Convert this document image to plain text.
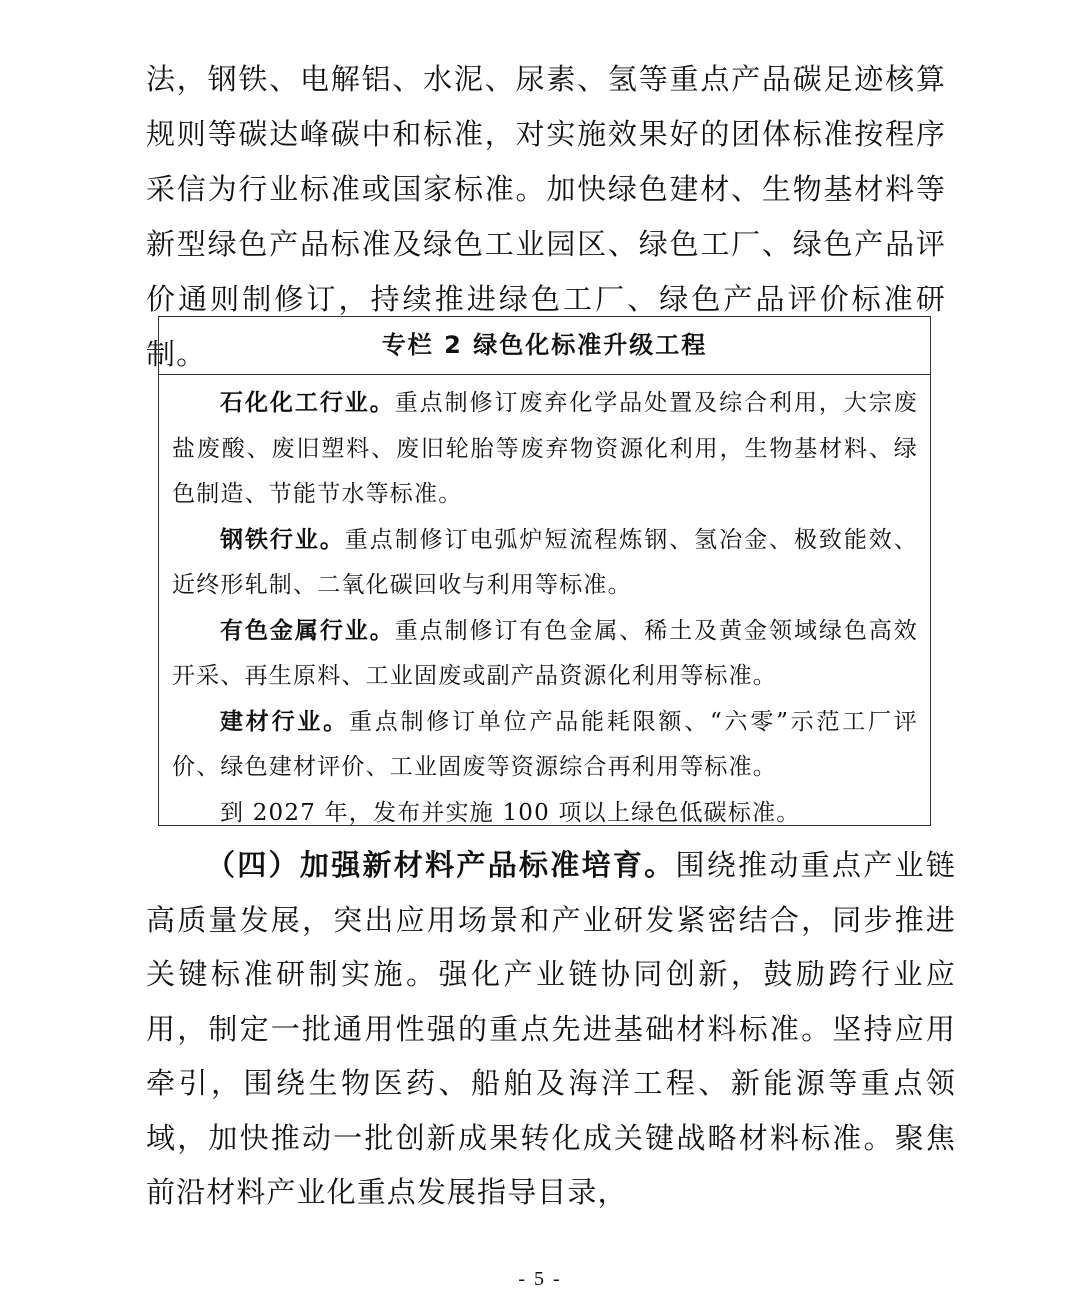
法，钢铁、电解铝、水泥、尿素、氢等重点产品碳足迹核算规则等碳达峰碳中和标准，对实施效果好的团体标准按程序采信为行业标准或国家标准。加快绿色建材、生物基材料等新型绿色产品标准及绿色工业园区、绿色工厂、绿色产品评价通则制修订，持续推进绿色工厂、绿色产品评价标准研制。	专栏 2 绿色化标准升级工程

石化化工行业。重点制修订废弃化学品处置及综合利用，大宗废盐废酸、废旧塑料、废旧轮胎等废弃物资源化利用，生物基材料、绿色制造、节能节水等标准。

钢铁行业。重点制修订电弧炉短流程炼钢、氢冶金、极致能效、近终形轧制、二氧化碳回收与利用等标准。

有色金属行业。重点制修订有色金属、稀土及黄金领域绿色高效开采、再生原料、工业固废或副产品资源化利用等标准。

建材行业。重点制修订单位产品能耗限额、“六零”示范工厂评价、绿色建材评价、工业固废等资源综合再利用等标准。

到 2027 年，发布并实施 100 项以上绿色低碳标准。

（四）加强新材料产品标准培育。围绕推动重点产业链高质量发展，突出应用场景和产业研发紧密结合，同步推进关键标准研制实施。强化产业链协同创新，鼓励跨行业应用，制定一批通用性强的重点先进基础材料标准。坚持应用牵引，围绕生物医药、船舶及海洋工程、新能源等重点领域，加快推动一批创新成果转化成关键战略材料标准。聚焦前沿材料产业化重点发展指导目录，

- 5 -
